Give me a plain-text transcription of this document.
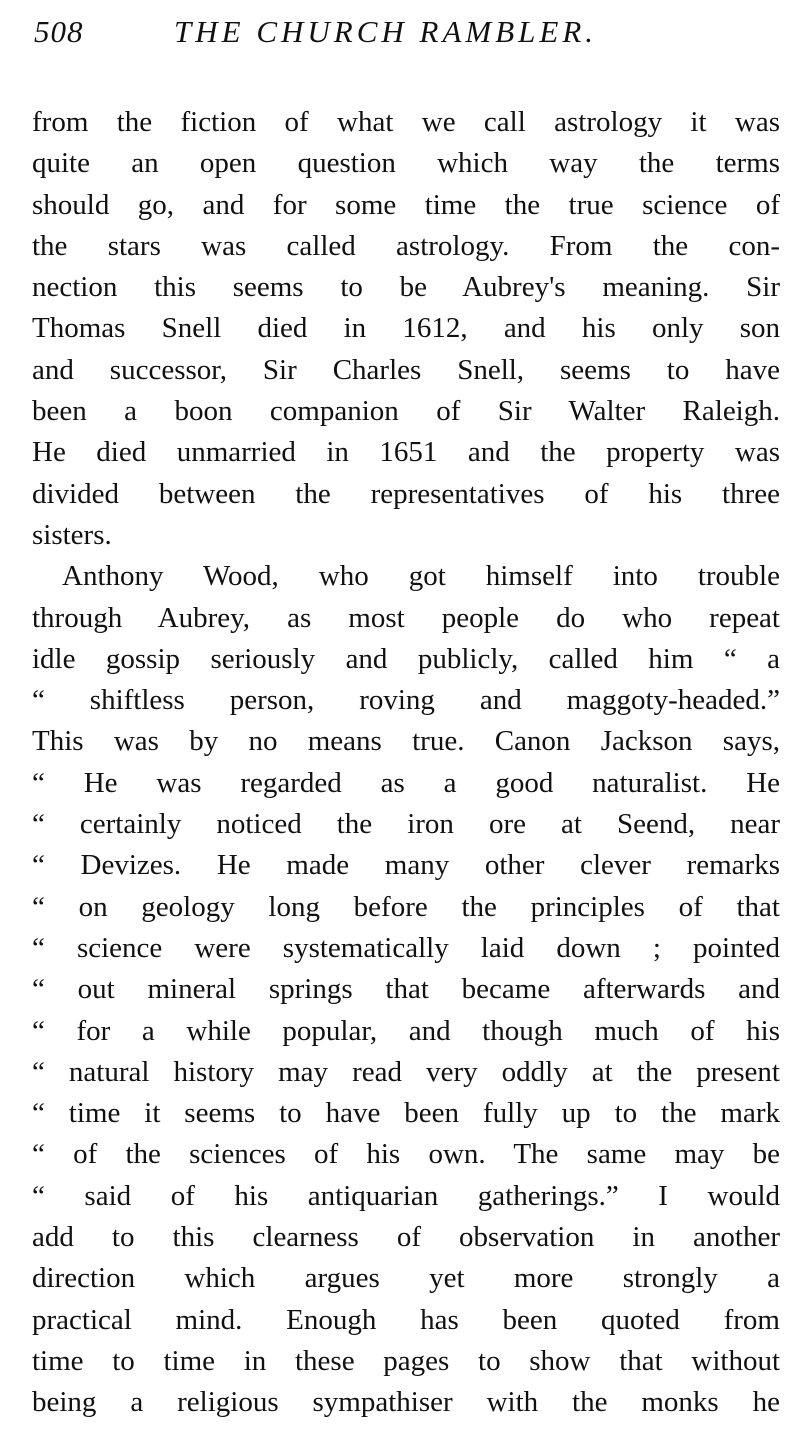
508	THE CHURCH RAMBLER.
from the fiction of what we call astrology it was
quite an open question which way the terms
should go, and for some time the true science of
the stars was called astrology. From the con-
nection this seems to be Aubrey's meaning. Sir
Thomas Snell died in 1612, and his only son
and successor, Sir Charles Snell, seems to have
been a boon companion of Sir Walter Raleigh.
He died unmarried in 1651 and the property was
divided between the representatives of his three
sisters.
Anthony Wood, who got himself into trouble
through Aubrey, as most people do who repeat
idle gossip seriously and publicly, called him “ a
“ shiftless person, roving and maggoty-headed.”
This was by no means true. Canon Jackson says,
“ He was regarded as a good naturalist. He
“ certainly noticed the iron ore at Seend, near
“ Devizes. He made many other clever remarks
“ on geology long before the principles of that
“ science were systematically laid down ; pointed
“ out mineral springs that became afterwards and
“ for a while popular, and though much of his
“ natural history may read very oddly at the present
“ time it seems to have been fully up to the mark
“ of the sciences of his own. The same may be
“ said of his antiquarian gatherings.” I would
add to this clearness of observation in another
direction which argues yet more strongly a
practical mind. Enough has been quoted from
time to time in these pages to show that without
being a religious sympathiser with the monks he
